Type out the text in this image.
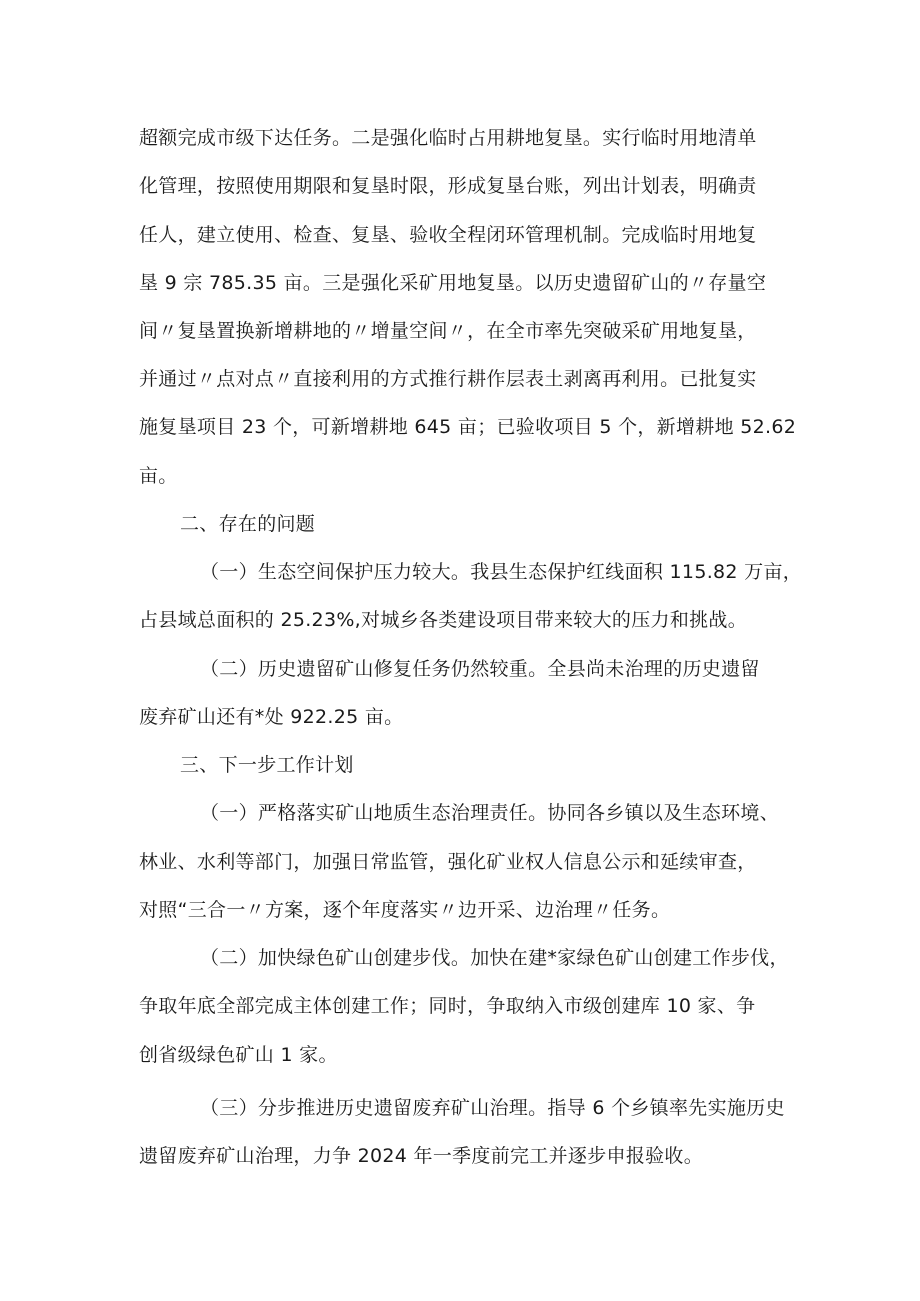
超额完成市级下达任务。二是强化临时占用耕地复垦。实行临时用地清单
化管理，按照使用期限和复垦时限，形成复垦台账，列出计划表，明确责
任人，建立使用、检查、复垦、验收全程闭环管理机制。完成临时用地复
垦 9 宗 785.35 亩。三是强化采矿用地复垦。以历史遗留矿山的〃存量空
间〃复垦置换新增耕地的〃增量空间〃，在全市率先突破采矿用地复垦，
并通过〃点对点〃直接利用的方式推行耕作层表土剥离再利用。已批复实
施复垦项目 23 个，可新增耕地 645 亩；已验收项目 5 个，新增耕地 52.62
亩。
二、存在的问题
（一）生态空间保护压力较大。我县生态保护红线面积 115.82 万亩，
占县域总面积的 25.23%,对城乡各类建设项目带来较大的压力和挑战。
（二）历史遗留矿山修复任务仍然较重。全县尚未治理的历史遗留
废弃矿山还有*处 922.25 亩。
三、下一步工作计划
（一）严格落实矿山地质生态治理责任。协同各乡镇以及生态环境、
林业、水利等部门，加强日常监管，强化矿业权人信息公示和延续审查，
对照“三合一〃方案，逐个年度落实〃边开采、边治理〃任务。
（二）加快绿色矿山创建步伐。加快在建*家绿色矿山创建工作步伐，
争取年底全部完成主体创建工作；同时，争取纳入市级创建库 10 家、争
创省级绿色矿山 1 家。
（三）分步推进历史遗留废弃矿山治理。指导 6 个乡镇率先实施历史
遗留废弃矿山治理，力争 2024 年一季度前完工并逐步申报验收。
